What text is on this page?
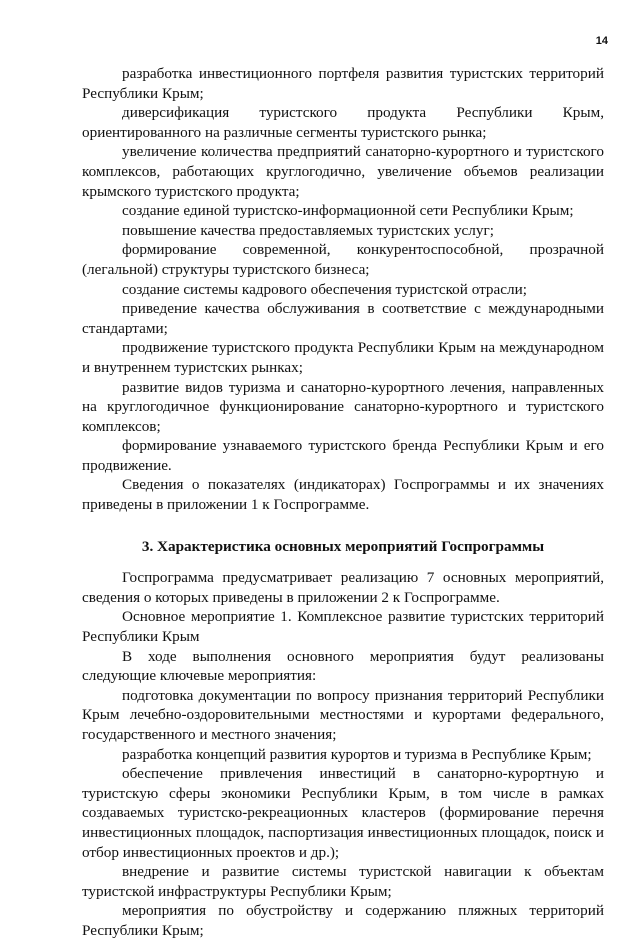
14

разработка инвестиционного портфеля развития туристских территорий Республики Крым;

диверсификация туристского продукта Республики Крым, ориентированного на различные сегменты туристского рынка;

увеличение количества предприятий санаторно-курортного и туристского комплексов, работающих круглогодично, увеличение объемов реализации крымского туристского продукта;

создание единой туристско-информационной сети Республики Крым;

повышение качества предоставляемых туристских услуг;

формирование современной, конкурентоспособной, прозрачной (легальной) структуры туристского бизнеса;

создание системы кадрового обеспечения туристской отрасли;

приведение качества обслуживания в соответствие с международными стандартами;

продвижение туристского продукта Республики Крым на международном и внутреннем туристских рынках;

развитие видов туризма и санаторно-курортного лечения, направленных на круглогодичное функционирование санаторно-курортного и туристского комплексов;

формирование узнаваемого туристского бренда Республики Крым и его продвижение.

Сведения о показателях (индикаторах) Госпрограммы и их значениях приведены в приложении 1 к Госпрограмме.

3. Характеристика основных мероприятий Госпрограммы

Госпрограмма предусматривает реализацию 7 основных мероприятий, сведения о которых приведены в приложении 2 к Госпрограмме.

Основное мероприятие 1. Комплексное развитие туристских территорий Республики Крым

В ходе выполнения основного мероприятия будут реализованы следующие ключевые мероприятия:

подготовка документации по вопросу признания территорий Республики Крым лечебно-оздоровительными местностями и курортами федерального, государственного и местного значения;

разработка концепций развития курортов и туризма в Республике Крым;

обеспечение привлечения инвестиций в санаторно-курортную и туристскую сферы экономики Республики Крым, в том числе в рамках создаваемых туристско-рекреационных кластеров (формирование перечня инвестиционных площадок, паспортизация инвестиционных площадок, поиск и отбор инвестиционных проектов и др.);

внедрение и развитие системы туристской навигации к объектам туристской инфраструктуры Республики Крым;

мероприятия по обустройству и содержанию пляжных территорий Республики Крым;
